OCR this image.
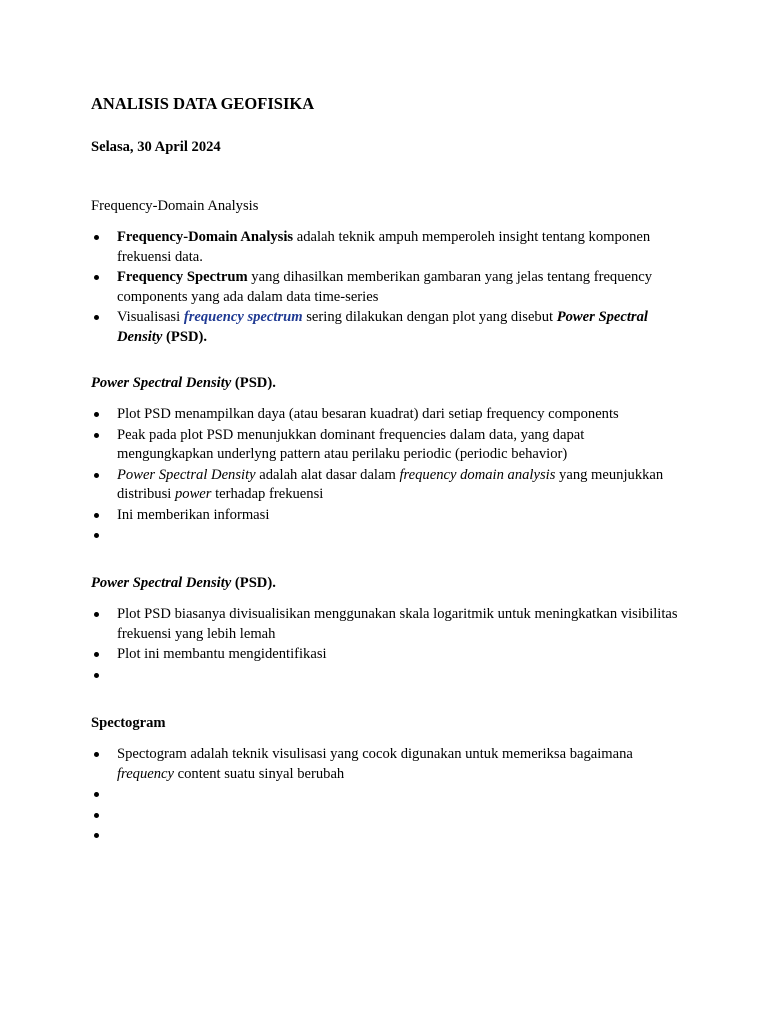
ANALISIS DATA GEOFISIKA

Selasa, 30 April 2024

Frequency-Domain Analysis

Frequency-Domain Analysis adalah teknik ampuh memperoleh insight tentang komponen frekuensi data.
Frequency Spectrum yang dihasilkan memberikan gambaran yang jelas tentang frequency components yang ada dalam data time-series
Visualisasi frequency spectrum sering dilakukan dengan plot yang disebut Power Spectral Density (PSD).

Power Spectral Density (PSD).

Plot PSD menampilkan daya (atau besaran kuadrat) dari setiap frequency components
Peak pada plot PSD menunjukkan dominant frequencies dalam data, yang dapat mengungkapkan underlyng pattern atau perilaku periodic (periodic behavior)
Power Spectral Density adalah alat dasar dalam frequency domain analysis yang meunjukkan distribusi power terhadap frekuensi
Ini memberikan informasi

Power Spectral Density (PSD).

Plot PSD biasanya divisualisikan menggunakan skala logaritmik untuk meningkatkan visibilitas frekuensi yang lebih lemah
Plot ini membantu mengidentifikasi

Spectogram

Spectogram adalah teknik visulisasi yang cocok digunakan untuk memeriksa bagaimana frequency content suatu sinyal berubah
